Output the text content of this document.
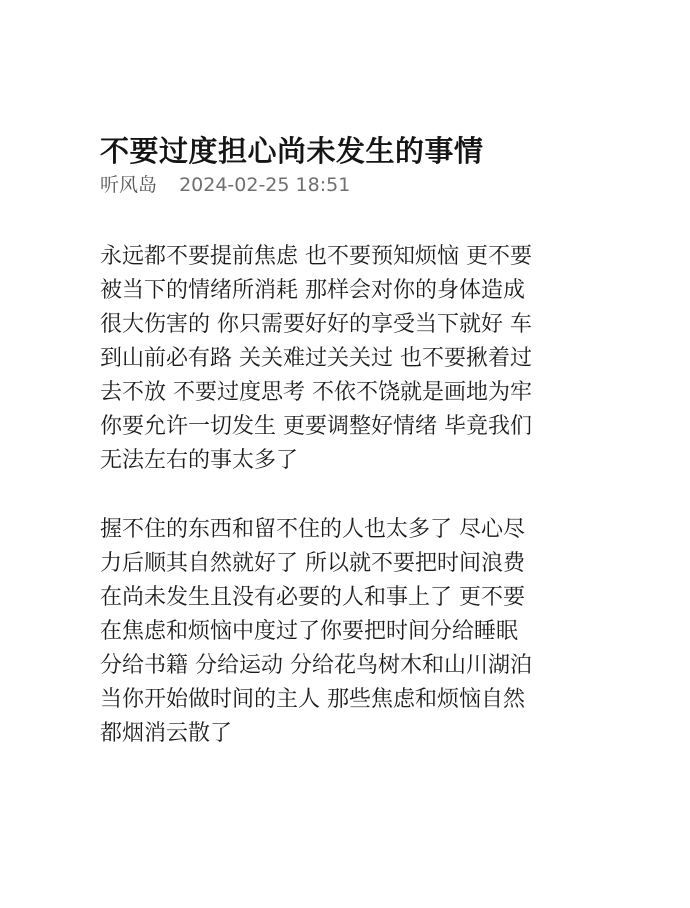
不要过度担心尚未发生的事情
听风岛 2024-02-25 18:51

永远都不要提前焦虑 也不要预知烦恼 更不要
被当下的情绪所消耗 那样会对你的身体造成
很大伤害的 你只需要好好的享受当下就好 车
到山前必有路 关关难过关关过 也不要揪着过
去不放 不要过度思考 不依不饶就是画地为牢
你要允许一切发生 更要调整好情绪 毕竟我们
无法左右的事太多了

握不住的东西和留不住的人也太多了 尽心尽
力后顺其自然就好了 所以就不要把时间浪费
在尚未发生且没有必要的人和事上了 更不要
在焦虑和烦恼中度过了你要把时间分给睡眠
分给书籍 分给运动 分给花鸟树木和山川湖泊
当你开始做时间的主人 那些焦虑和烦恼自然
都烟消云散了
